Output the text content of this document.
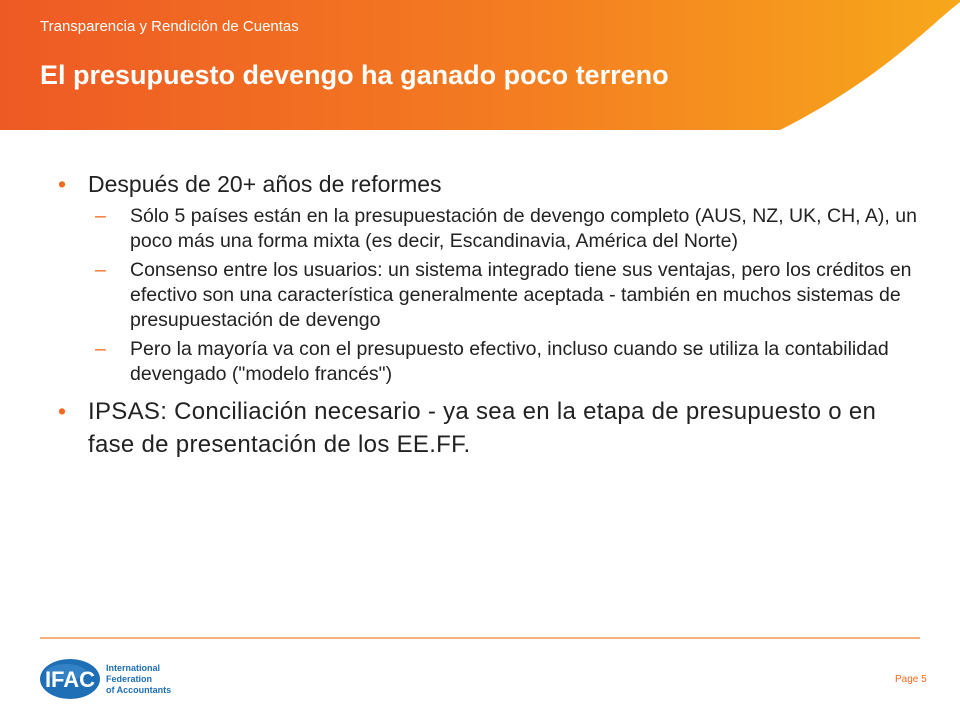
Transparencia y Rendición de Cuentas
El presupuesto devengo ha ganado poco terreno
• Después de 20+ años de reformes
– Sólo 5 países están en la presupuestación de devengo completo (AUS, NZ, UK, CH, A), un poco más una forma mixta (es decir, Escandinavia, América del Norte)
– Consenso entre los usuarios: un sistema integrado tiene sus ventajas, pero los créditos en efectivo son una característica generalmente aceptada - también en muchos sistemas de presupuestación de devengo
– Pero la mayoría va con el presupuesto efectivo, incluso cuando se utiliza la contabilidad devengado ("modelo francés")
• IPSAS: Conciliación necesario - ya sea en la etapa de presupuesto o en fase de presentación de los EE.FF.
IFAC International
Federation
of Accountants
Page 5
